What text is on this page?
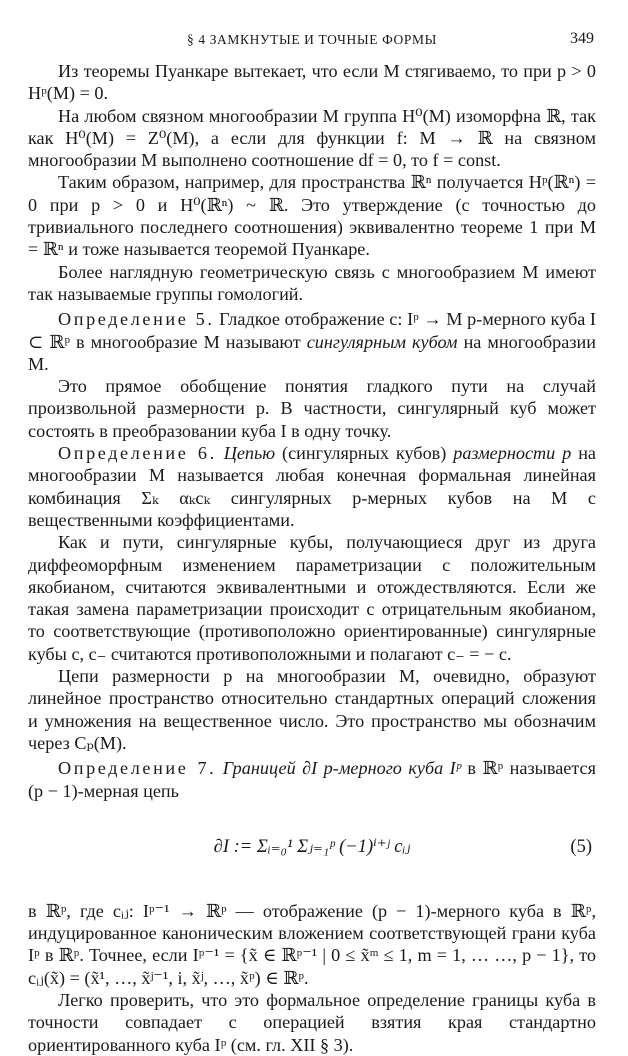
§ 4 ЗАМКНУТЫЕ И ТОЧНЫЕ ФОРМЫ	349

Из теоремы Пуанкаре вытекает, что если M стягиваемо, то при p > 0 Hᵖ(M) = 0.

На любом связном многообразии M группа H⁰(M) изоморфна ℝ, так как H⁰(M) = Z⁰(M), а если для функции f: M → ℝ на связном многообразии M выполнено соотношение df = 0, то f = const.

Таким образом, например, для пространства ℝⁿ получается Hᵖ(ℝⁿ) = 0 при p > 0 и H⁰(ℝⁿ) ~ ℝ. Это утверждение (с точностью до тривиального последнего соотношения) эквивалентно теореме 1 при M = ℝⁿ и тоже называется теоремой Пуанкаре.

Более наглядную геометрическую связь с многообразием M имеют так называемые группы гомологий.

Определение 5. Гладкое отображение c: Iᵖ → M p-мерного куба I ⊂ ℝᵖ в многообразие M называют сингулярным кубом на многообразии M.

Это прямое обобщение понятия гладкого пути на случай произвольной размерности p. В частности, сингулярный куб может состоять в преобразовании куба I в одну точку.

Определение 6. Цепью (сингулярных кубов) размерности p на многообразии M называется любая конечная формальная линейная комбинация Σₖ αₖcₖ сингулярных p-мерных кубов на M с вещественными коэффициентами.

Как и пути, сингулярные кубы, получающиеся друг из друга диффеоморфным изменением параметризации с положительным якобианом, считаются эквивалентными и отождествляются. Если же такая замена параметризации происходит с отрицательным якобианом, то соответствующие (противоположно ориентированные) сингулярные кубы c, c₋ считаются противоположными и полагают c₋ = − c.

Цепи размерности p на многообразии M, очевидно, образуют линейное пространство относительно стандартных операций сложения и умножения на вещественное число. Это пространство мы обозначим через Cₚ(M).

Определение 7. Границей ∂I p-мерного куба Iᵖ в ℝᵖ называется (p − 1)-мерная цепь

∂I := Σᵢ₌₀¹ Σⱼ₌₁ᵖ (−1)ⁱ⁺ʲ cᵢⱼ	(5)

в ℝᵖ, где cᵢⱼ: Iᵖ⁻¹ → ℝᵖ — отображение (p − 1)-мерного куба в ℝᵖ, индуцированное каноническим вложением соответствующей грани куба Iᵖ в ℝᵖ. Точнее, если Iᵖ⁻¹ = {x̃ ∈ ℝᵖ⁻¹ | 0 ≤ x̃ᵐ ≤ 1, m = 1, … …, p − 1}, то cᵢⱼ(x̃) = (x̃¹, …, x̃ʲ⁻¹, i, x̃ʲ, …, x̃ᵖ) ∈ ℝᵖ.

Легко проверить, что это формальное определение границы куба в точности совпадает с операцией взятия края стандартно ориентированного куба Iᵖ (см. гл. XII § 3).
